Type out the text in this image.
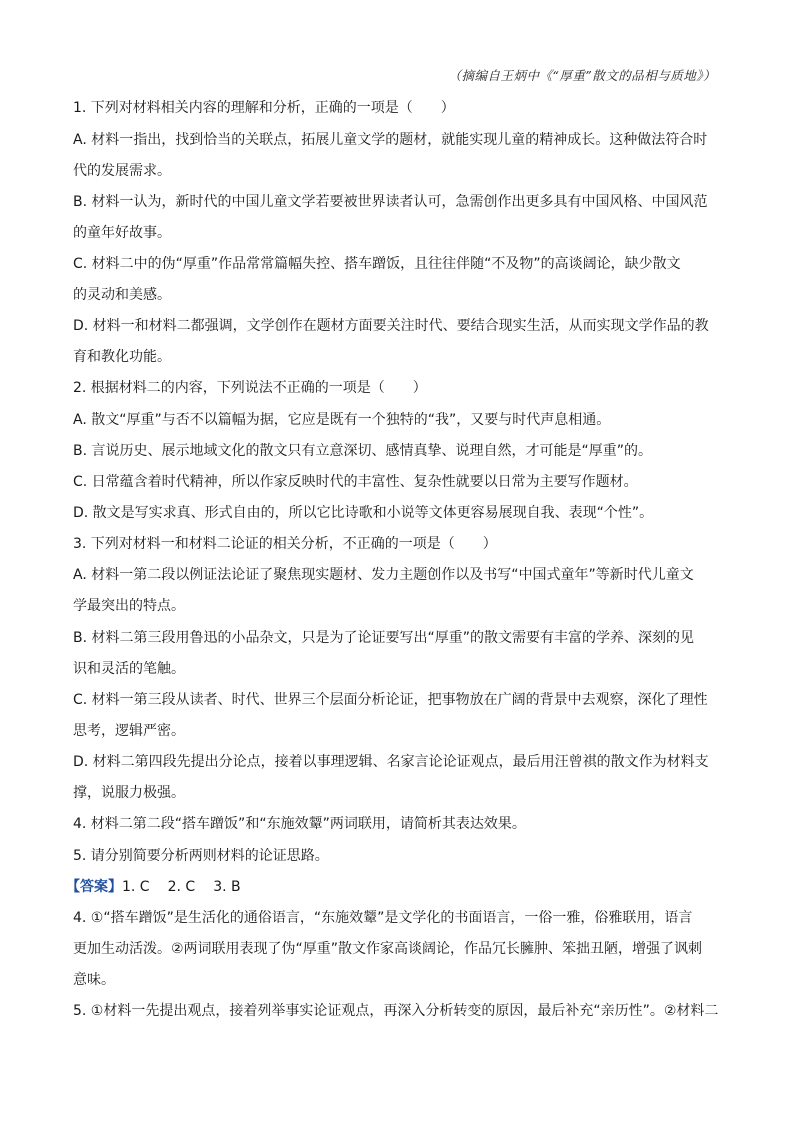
（摘编自王炳中《“厚重”散文的品相与质地》）
1. 下列对材料相关内容的理解和分析，正确的一项是（　　）
A. 材料一指出，找到恰当的关联点，拓展儿童文学的题材，就能实现儿童的精神成长。这种做法符合时
代的发展需求。
B. 材料一认为，新时代的中国儿童文学若要被世界读者认可，急需创作出更多具有中国风格、中国风范
的童年好故事。
C. 材料二中的伪“厚重”作品常常篇幅失控、搭车蹭饭，且往往伴随“不及物”的高谈阔论，缺少散文
的灵动和美感。
D. 材料一和材料二都强调，文学创作在题材方面要关注时代、要结合现实生活，从而实现文学作品的教
育和教化功能。
2. 根据材料二的内容，下列说法不正确的一项是（　　）
A. 散文“厚重”与否不以篇幅为据，它应是既有一个独特的“我”，又要与时代声息相通。
B. 言说历史、展示地域文化的散文只有立意深切、感情真挚、说理自然，才可能是“厚重”的。
C. 日常蕴含着时代精神，所以作家反映时代的丰富性、复杂性就要以日常为主要写作题材。
D. 散文是写实求真、形式自由的，所以它比诗歌和小说等文体更容易展现自我、表现“个性”。
3. 下列对材料一和材料二论证的相关分析，不正确的一项是（　　）
A. 材料一第二段以例证法论证了聚焦现实题材、发力主题创作以及书写“中国式童年”等新时代儿童文
学最突出的特点。
B. 材料二第三段用鲁迅的小品杂文，只是为了论证要写出“厚重”的散文需要有丰富的学养、深刻的见
识和灵活的笔触。
C. 材料一第三段从读者、时代、世界三个层面分析论证，把事物放在广阔的背景中去观察，深化了理性
思考，逻辑严密。
D. 材料二第四段先提出分论点，接着以事理逻辑、名家言论论证观点，最后用汪曾祺的散文作为材料支
撑，说服力极强。
4. 材料二第二段“搭车蹭饭”和“东施效颦”两词联用，请简析其表达效果。
5. 请分别简要分析两则材料的论证思路。
【答案】1. C 2. C 3. B
4. ①“搭车蹭饭”是生活化的通俗语言，“东施效颦”是文学化的书面语言，一俗一雅，俗雅联用，语言
更加生动活泼。②两词联用表现了伪“厚重”散文作家高谈阔论，作品冗长臃肿、笨拙丑陋，增强了讽刺
意味。
5. ①材料一先提出观点，接着列举事实论证观点，再深入分析转变的原因，最后补充“亲历性”。②材料二
